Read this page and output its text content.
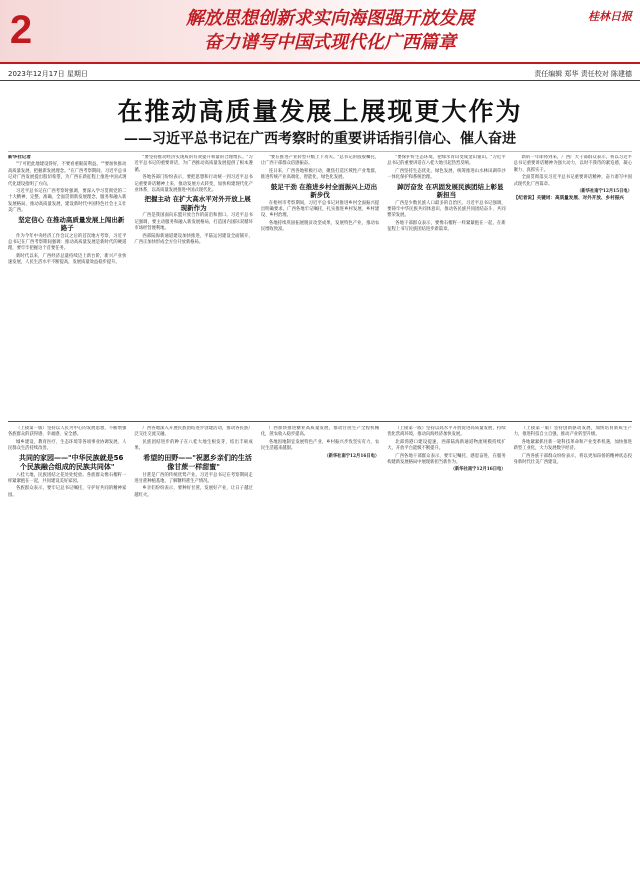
2	解放思想创新求实向海图强开放发展
奋力谱写中国式现代化广西篇章
桂林日报
2023年12月17日 星期日	责任编辑 郑华 责任校对 陈建德
在推动高质量发展上展现更大作为
——习近平总书记在广西考察时的重要讲话指引信心、催人奋进

新华社记者

"宁可把此地建设得好，不要看重眼前利益。""要加快推动高质量发展，把握新发展理念。"在广西考察期间，习近平总书记对广西发展提出殷切希望，为广西在新征程上推进中国式现代化建设指明了方向。

习近平总书记在广西考察时强调，要深入学习贯彻党的二十大精神，完整、准确、全面贯彻新发展理念，服务和融入新发展格局，推动高质量发展，建设新时代中国特色社会主义壮美广西。

坚定信心 在推动高质量发展上闯出新路子

作为今年中央经济工作会议之后的首次地方考察，习近平总书记在广西考察期间强调：推动高质量发展是新时代的硬道理，要牢牢把握这个首要任务。

新时代以来，广西经济总量持续迈上新台阶，新兴产业快速发展，人民生活水平不断提高，发展质量效益稳步提升。

"要坚持推动经济实现质的有效提升和量的合理增长。"习近平总书记的重要讲话，为广西推动高质量发展提供了根本遵循。

各地各部门纷纷表示，要把思想和行动统一到习近平总书记重要讲话精神上来，推动发展方式转变，加快构建现代化产业体系，以高质量发展推进中国式现代化。

把握主动 在扩大高水平对外开放上展现新作为

广西是我国面向东盟开放合作的前沿和窗口。习近平总书记强调，要主动服务和融入新发展格局，打造国内国际双循环市场经营便利地。

西部陆海新通道建设加快推进，平陆运河建设全面铺开，广西正加快形成全方位开放新格局。

"要在推进产业转型升级上下功夫。"总书记的殷殷嘱托，让广西干部群众倍感振奋。

连日来，广西各地积极行动，聚焦打造区域性产业集群，推进传统产业高端化、智能化、绿色化发展。

鼓足干劲 在推进乡村全面振兴上迈出新步伐

在梧州市考察期间，习近平总书记对推进乡村全面振兴提出明确要求。广西各地牢记嘱托，扎实推进乡村发展、乡村建设、乡村治理。

各地持续巩固拓展脱贫攻坚成果，发展特色产业，推动农民增收致富。

"要保护好生态环境，把绿水青山变成金山银山。"习近平总书记的重要讲话在八桂大地引起热烈反响。

广西坚持生态优先、绿色发展，统筹推进山水林田湖草沙一体化保护和系统治理。

踔厉奋发 在巩固发展民族团结上彰显新担当

广西是少数民族人口最多的自治区。习近平总书记强调，要铸牢中华民族共同体意识，推动各民族共同团结奋斗、共同繁荣发展。

各地干部群众表示，要像石榴籽一样紧紧抱在一起，在新征程上书写民族团结进步新篇章。

新的一年即将到来，广西广大干部群众表示，将以习近平总书记重要讲话精神为强大动力，以时不我待的紧迫感，凝心聚力、真抓实干。

全面贯彻落实习近平总书记重要讲话精神，奋力谱写中国式现代化广西篇章。

（新华社南宁12月15日电）

【纪者说】关键词：高质量发展、对外开放、乡村振兴

（上接第一版）坚持以人民为中心的发展思想，不断增强各族群众的获得感、幸福感、安全感。

城乡建设、教育医疗、生态环境等各项事业协调发展，人民群众生活持续改善。

共同的家园——"中华民族就是56个民族融合组成的民族共同体"

八桂大地，民族团结之花处处绽放。各族群众像石榴籽一样紧紧抱在一起，共同建设美好家园。

各族群众表示，要牢记总书记嘱托，守护好共同的精神家园。

广西各地深入开展民族团结进步创建活动，推动各民族广泛交往交流交融。

民族团结进步的种子在八桂大地生根发芽，结出丰硕成果。

希望的田野——"祝愿乡亲们的生活像甘蔗一样甜蜜"

甘蔗是广西的传统优势产业。习近平总书记在考察期间走进甘蔗种植基地，了解糖料蔗生产情况。

乡亲们纷纷表示，要种好甘蔗，发展好产业，让日子越过越红火。

广西加快推进糖业高质量发展，推动甘蔗生产全程机械化，蔗农收入稳步提高。

各地因地制宜发展特色产业，乡村振兴步伐坚实有力，农民生活越来越甜。

（新华社南宁12月16日电）

（上接第一版）坚持以高水平开放促进高质量发展，持续优化营商环境，推动向海经济加快发展。

北部湾港口建设提速，西部陆海新通道物流规模持续扩大，开放平台能级不断提升。

广西各地干部群众表示，要牢记嘱托、感恩奋进，在服务构建新发展格局中展现新担当新作为。

（新华社南宁12月16日电）

（上接第一版）坚持创新驱动发展，加快培育新质生产力，推进科技自立自强，推动产业转型升级。

各地紧紧抓住新一轮科技革命和产业变革机遇，加快推进新型工业化，大力发展数字经济。

广西各族干部群众纷纷表示，将以更加昂扬的精神状态投身新时代壮美广西建设。
